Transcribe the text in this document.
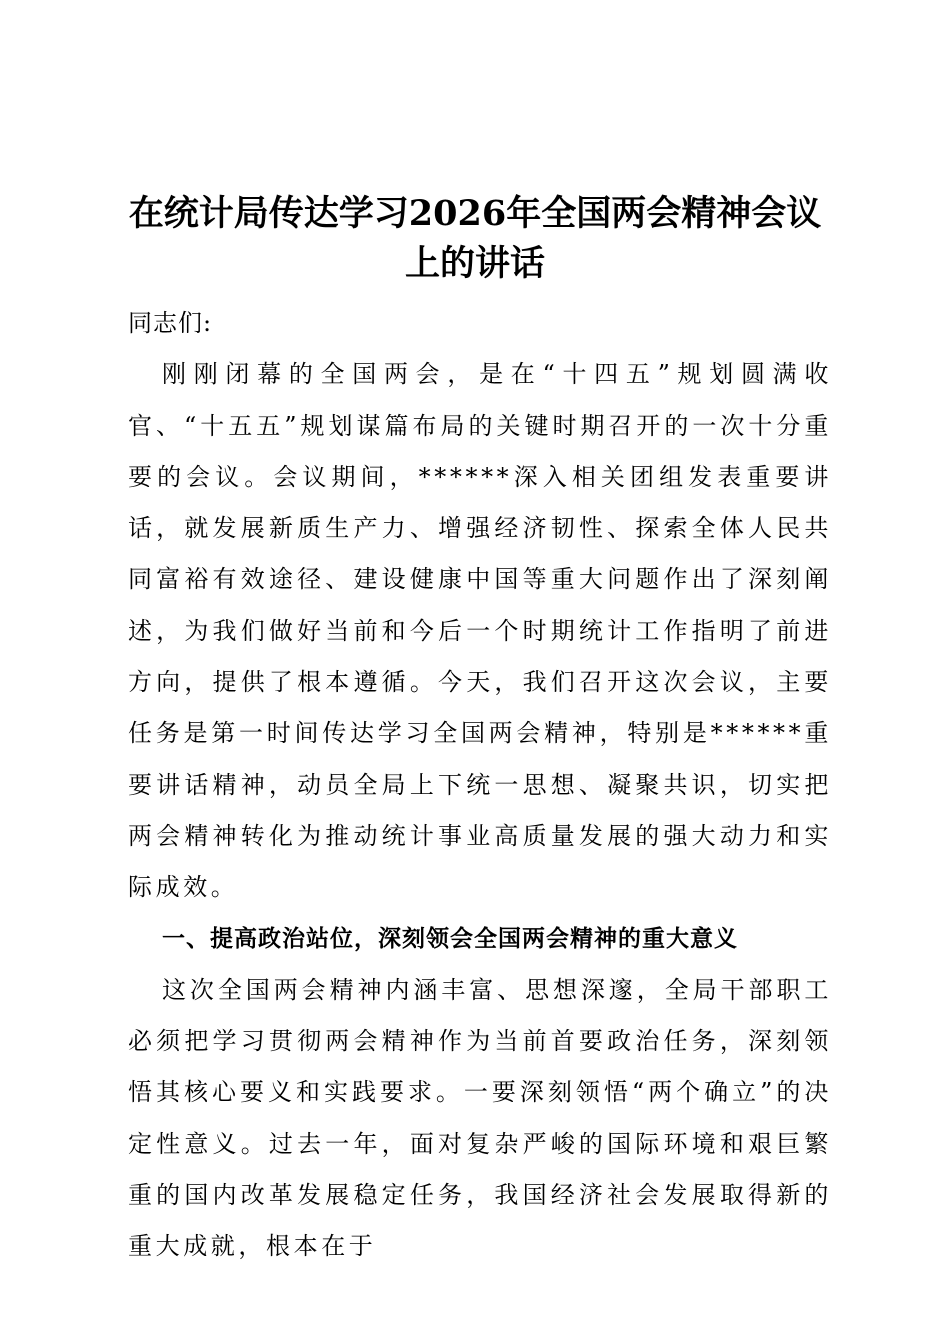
在统计局传达学习2026年全国两会精神会议上的讲话

同志们:

刚刚闭幕的全国两会，是在“十四五”规划圆满收官、“十五五”规划谋篇布局的关键时期召开的一次十分重要的会议。会议期间，******深入相关团组发表重要讲话，就发展新质生产力、增强经济韧性、探索全体人民共同富裕有效途径、建设健康中国等重大问题作出了深刻阐述，为我们做好当前和今后一个时期统计工作指明了前进方向，提供了根本遵循。今天，我们召开这次会议，主要任务是第一时间传达学习全国两会精神，特别是******重要讲话精神，动员全局上下统一思想、凝聚共识，切实把两会精神转化为推动统计事业高质量发展的强大动力和实际成效。

一、提高政治站位，深刻领会全国两会精神的重大意义

这次全国两会精神内涵丰富、思想深邃，全局干部职工必须把学习贯彻两会精神作为当前首要政治任务，深刻领悟其核心要义和实践要求。一要深刻领悟“两个确立”的决定性意义。过去一年，面对复杂严峻的国际环境和艰巨繁重的国内改革发展稳定任务，我国经济社会发展取得新的重大成就，根本在于
